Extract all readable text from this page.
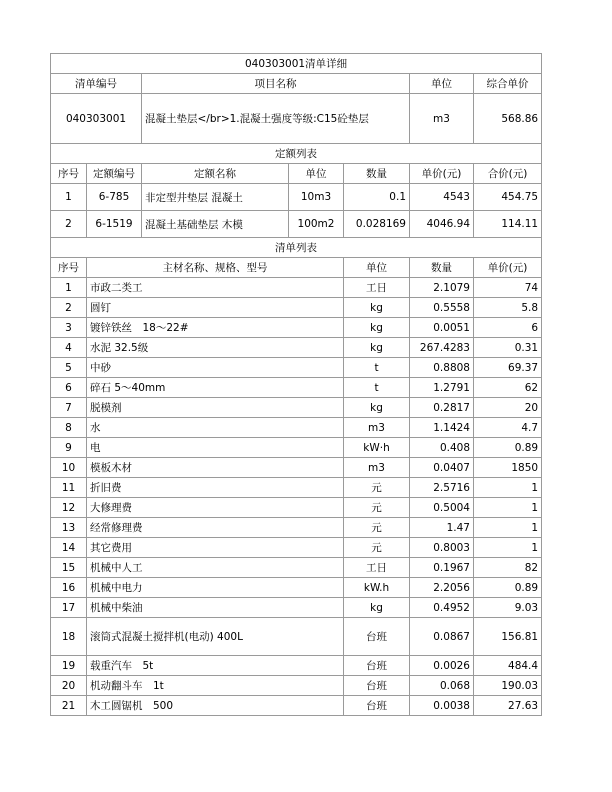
040303001清单详细							
清单编号		项目名称			单位	综合单价	
040303001		混凝土垫层</br>1.混凝土强度等级:C15砼垫层			m3	568.86	
定额列表							
序号	定额编号	定额名称	单位	数量	单价(元)	合价(元)	
1	6-785	非定型井垫层 混凝土	10m3	0.1	4543	454.75	
2	6-1519	混凝土基础垫层 木模	100m2	0.028169	4046.94	114.11	
清单列表							
序号	主材名称、规格、型号			单位	数量	单价(元)	
1	市政二类工			工日	2.1079	74	
2	圆钉			kg	0.5558	5.8	
3	镀锌铁丝　18～22#			kg	0.0051	6	
4	水泥 32.5级			kg	267.4283	0.31	
5	中砂			t	0.8808	69.37	
6	碎石 5～40mm			t	1.2791	62	
7	脱模剂			kg	0.2817	20	
8	水			m3	1.1424	4.7	
9	电			kW·h	0.408	0.89	
10	模板木材			m3	0.0407	1850	
11	折旧费			元	2.5716	1	
12	大修理费			元	0.5004	1	
13	经常修理费			元	1.47	1	
14	其它费用			元	0.8003	1	
15	机械中人工			工日	0.1967	82	
16	机械中电力			kW.h	2.2056	0.89	
17	机械中柴油			kg	0.4952	9.03	
18	滚筒式混凝土搅拌机(电动) 400L			台班	0.0867	156.81	
19	载重汽车　5t			台班	0.0026	484.4	
20	机动翻斗车　1t			台班	0.068	190.03	
21	木工圆锯机　500			台班	0.0038	27.63	
